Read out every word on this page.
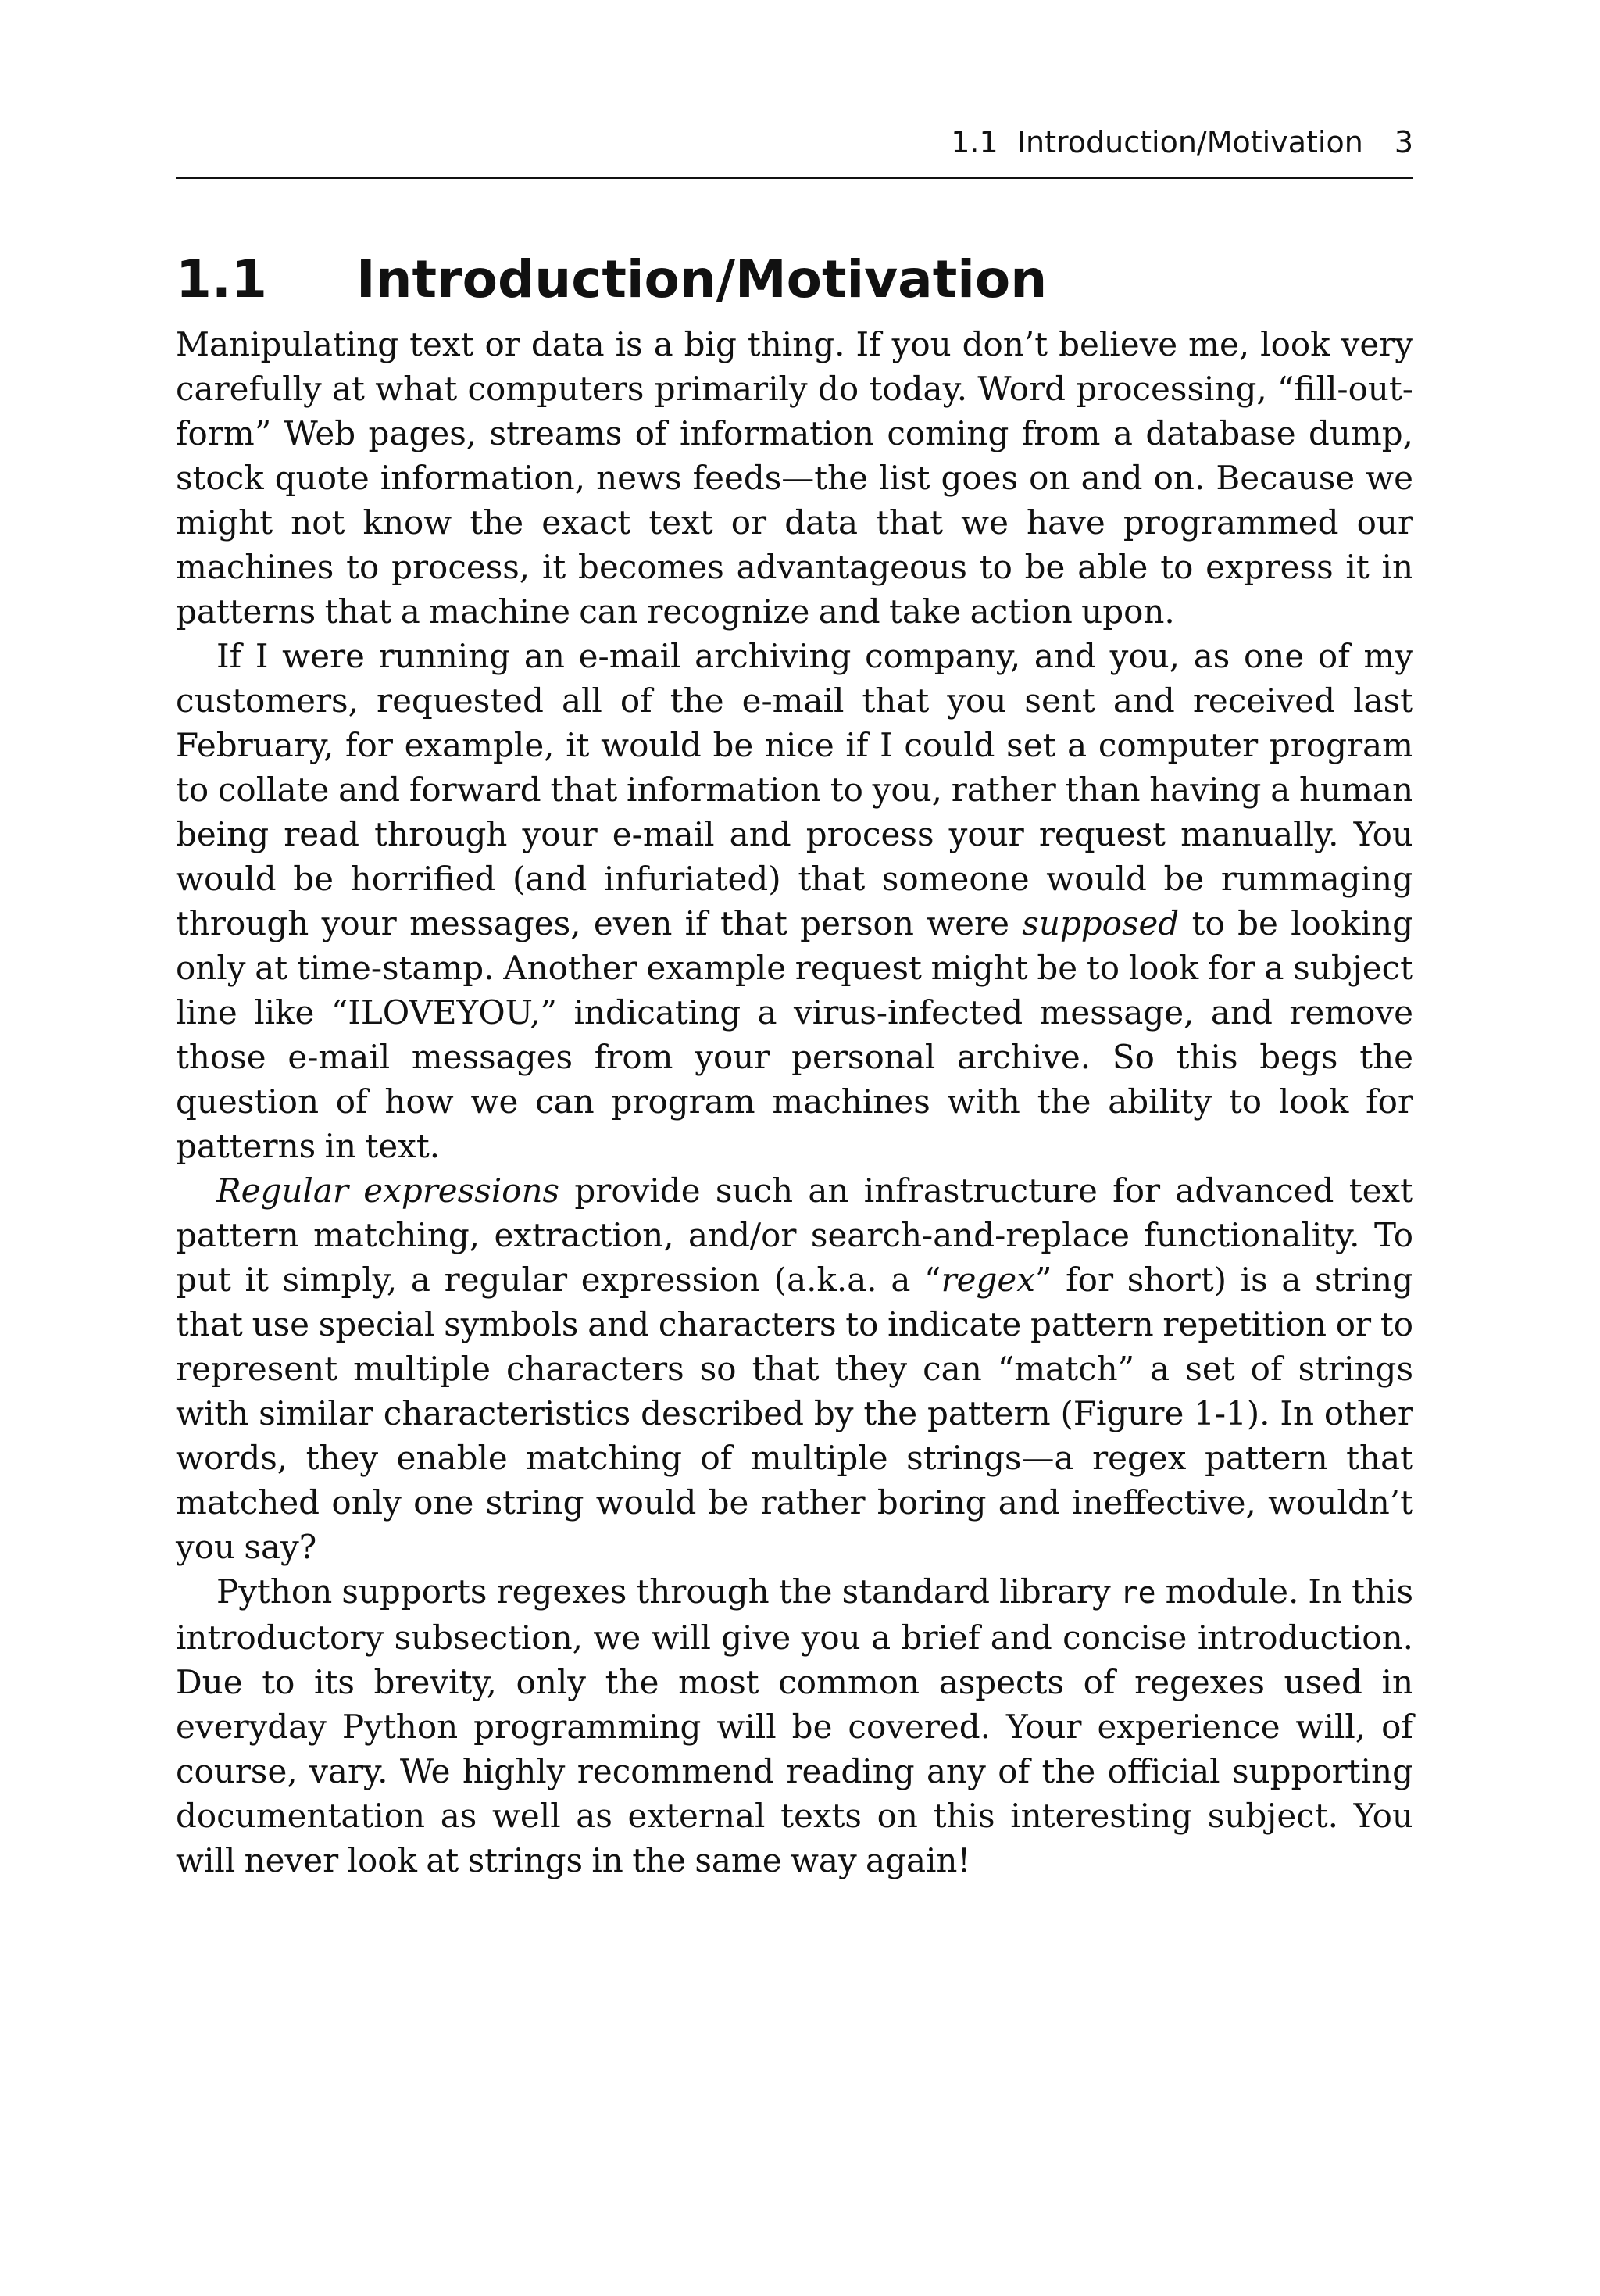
1.1  Introduction/Motivation 3
1.1 Introduction/Motivation

Manipulating text or data is a big thing. If you don’t believe me, look very carefully at what computers primarily do today. Word processing, “fill-out-form” Web pages, streams of information coming from a database dump, stock quote information, news feeds—the list goes on and on. Because we might not know the exact text or data that we have programmed our machines to process, it becomes advantageous to be able to express it in patterns that a machine can recognize and take action upon.

If I were running an e-mail archiving company, and you, as one of my customers, requested all of the e-mail that you sent and received last February, for example, it would be nice if I could set a computer program to collate and forward that information to you, rather than having a human being read through your e-mail and process your request manually. You would be horrified (and infuriated) that someone would be rummaging through your messages, even if that person were supposed to be looking only at time-stamp. Another example request might be to look for a subject line like “ILOVEYOU,” indicating a virus-infected message, and remove those e-mail messages from your personal archive. So this begs the question of how we can program machines with the ability to look for patterns in text.

Regular expressions provide such an infrastructure for advanced text pattern matching, extraction, and/or search-and-replace functionality. To put it simply, a regular expression (a.k.a. a “regex” for short) is a string that use special symbols and characters to indicate pattern repetition or to represent multiple characters so that they can “match” a set of strings with similar characteristics described by the pattern (Figure 1-1). In other words, they enable matching of multiple strings—a regex pattern that matched only one string would be rather boring and ineffective, wouldn’t you say?

Python supports regexes through the standard library re module. In this introductory subsection, we will give you a brief and concise introduction. Due to its brevity, only the most common aspects of regexes used in everyday Python programming will be covered. Your experience will, of course, vary. We highly recommend reading any of the official supporting documentation as well as external texts on this interesting subject. You will never look at strings in the same way again!
